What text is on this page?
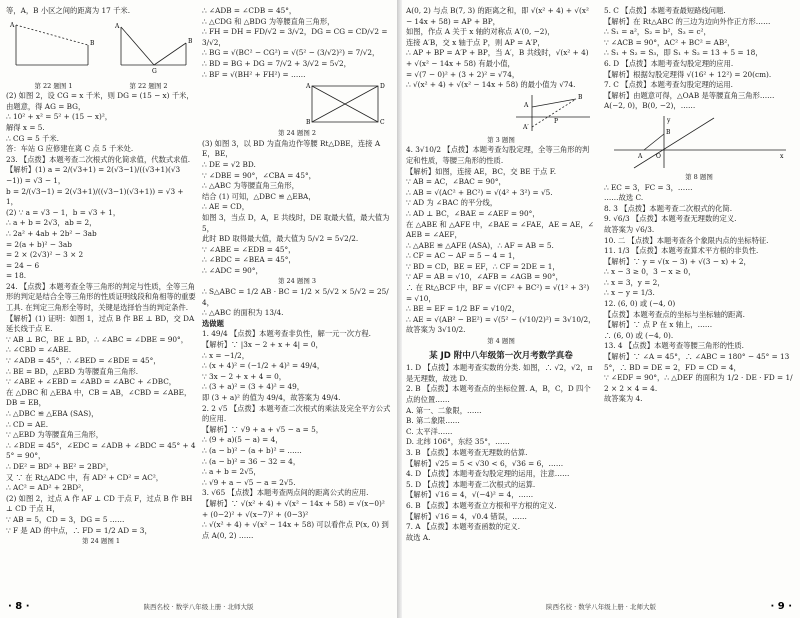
等，A，B 小区之间的距离为 17 千米.

A
B
A
B
G
第 22 题图 1	第 22 题图 2

(2) 如图 2，设 CG = x 千米，则 DG = (15 − x) 千米，

由题意，得 AG = BG，

∴ 10² + x² = 5² + (15 − x)²，

解得 x = 5.

∴ CG = 5 千米.

答：车站 G 应修建在离 C 点 5 千米处.

23. 【点拨】本题考查二次根式的化简求值，代数式求值.

【解析】(1) a = 2/(√3+1) = 2(√3−1)/((√3+1)(√3−1)) = √3 − 1，

b = 2/(√3−1) = 2(√3+1)/((√3−1)(√3+1)) = √3 + 1，

(2) ∵ a = √3 − 1，b = √3 + 1，

∴ a + b = 2√3，ab = 2，

∴ 2a² + 4ab + 2b² − 3ab

= 2(a + b)² − 3ab

= 2 × (2√3)² − 3 × 2

= 24 − 6

= 18.

24. 【点拨】本题考查全等三角形的判定与性质，全等三角形的判定是结合全等三角形的性质证明线段和角相等的重要工具. 在判定三角形全等时，关键是选择恰当的判定条件.

【解析】(1) 证明：如图 1，过点 B 作 BE ⊥ BD，交 DA 延长线于点 E.

∵ AB ⊥ BC，BE ⊥ BD，∴ ∠ABC = ∠DBE = 90°，

∴ ∠CBD = ∠ABE.

∵ ∠ADB = 45°，∴ ∠BED = ∠BDE = 45°，

∴ BE = BD，△EBD 为等腰直角三角形.

∵ ∠ABE + ∠EBD = ∠ABD = ∠ABC + ∠DBC，

在 △DBC 和 △EBA 中，CB = AB，∠CBD = ∠ABE，DB = EB，

∴ △DBC ≌ △EBA (SAS)，

∴ CD = AE.

∵ △EBD 为等腰直角三角形，

∴ ∠BDE = 45°，∠EDC = ∠ADB + ∠BDC = 45° + 45° = 90°，

∴ DE² = BD² + BE² = 2BD²，

又 ∵ 在 Rt△ADC 中，有 AD² + CD² = AC²，

∴ AC² = AD² + 2BD²，

(2) 如图 2，过点 A 作 AF ⊥ CD 于点 F，过点 B 作 BH ⊥ CD 于点 H，

∵ AB = 5，CD = 3，DG = 5 ……

∵ F 是 AD 的中点，∴ FD = 1/2 AD = 3，

第 24 题图 1

∴ ∠ADB = ∠CDB = 45°，

∴ △CDG 和 △BDG 为等腰直角三角形，

∴ FH = DH = FD/√2 = 3/√2，DG = CG = CD/√2 = 3/√2，

∴ BG = √(BC² − CG²) = √(5² − (3/√2)²) = 7/√2，

∴ BD = BG + DG = 7/√2 + 3/√2 = 5√2，

∴ BF = √(BH² + FH²) = ……

A	D
B	C

第 24 题图 2

(3) 如图 3，以 BD 为直角边作等腰 Rt△DBE，连接 AE，BE，

∴ DE = √2 BD.

∵ ∠DBE = 90°，∠CBA = 45°，

∴ △ABC 为等腰直角三角形，

结合 (1) 可知，△DBC ≌ △EBA，

∴ AE = CD，

如图 3，当点 D，A，E 共线时，DE 取最大值，最大值为 5，

此时 BD 取得最大值，最大值为 5/√2 = 5√2/2.

∵ ∠ABE = ∠EDB = 45°，

∴ ∠BDC = ∠BEA = 45°，

∴ ∠ADC = 90°，

第 24 题图 3

∴ S△ABC = 1/2 AB · BC = 1/2 × 5/√2 × 5/√2 = 25/4，

∴ △ABC 的面积为 13/4.

选做题

1. 49/4 【点拨】本题考查非负性，解一元一次方程.

【解析】∵ |3x − 2 + x + 4| = 0，

∴ x = −1/2，

∴ (x + 4)² = (−1/2 + 4)² = 49/4，

∵ 3x − 2 + x + 4 = 0，

∴ (3 + a)² = (3 + 4)² = 49，

即 (3 + a)² 的值为 49/4，故答案为 49/4.

2. 2 √5 【点拨】本题考查二次根式的乘法及完全平方公式的应用.

【解析】∵ √9 + a + √5 − a = 5，

∴ (9 + a)(5 − a) = 4，

∴ (a − b)² − (a + b)² = ……

∴ (a − b)² = 36 − 32 = 4，

∴ a + b = 2√5，

∴ √9 + a − √5 − a = 2√5.

3. √65 【点拨】本题考查两点间的距离公式的应用.

【解析】∵ √(x² + 4) + √(x² − 14x + 58) = √(x−0)² + (0−2)² + √(x−7)² + (0−3)²

∴ √(x² + 4) + √(x² − 14x + 58) 可以看作点 P(x, 0) 到点 A(0, 2) ……

· 8 ·	陕西名校 · 数学八年级上册 · 北师大版

A(0, 2) 与点 B(7, 3) 的距离之和，即 √(x² + 4) + √(x² − 14x + 58) = AP + BP，

如图，作点 A 关于 x 轴的对称点 A′(0, −2)，

连接 A′B，交 x 轴于点 P，则 AP = A′P，

∴ AP + BP = A′P + BP，当 A′，B 共线时，√(x² + 4) + √(x² − 14x + 58) 有最小值，

= √(7 − 0)² + (3 + 2)² = √74，

∴ √(x² + 4) + √(x² − 14x + 58) 的最小值为 √74.

A
B
A′
P

第 3 题图

4. 3√10/2 【点拨】本题考查勾股定理，全等三角形的判定和性质，等腰三角形的性质.

【解析】如图，连接 AE，BC，交 BE 于点 F.

∵ AB = AC，∠BAC = 90°，

∴ AB = √(AC² + BC²) = √(4² + 3²) = √5.

∵ AD 为 ∠BAC 的平分线，

∴ AD ⊥ BC，∠BAE = ∠AEF = 90°，

在 △ABE 和 △AFE 中，∠BAE = ∠FAE，AE = AE，∠AEB = ∠AEF，

∴ △ABE ≌ △AFE (ASA)，∴ AF = AB = 5.

∴ CF = AC − AF = 5 − 4 = 1，

∵ BD = CD，BE = EF，∴ CF = 2DE = 1，

∵ AF = AB = √10，∠AFB = ∠AGB = 90°，

∴ 在 Rt△BCF 中，BF = √(CF² + BC²) = √(1² + 3²) = √10，

∴ BE = EF = 1/2 BF = √10/2，

∴ AE = √(AB² − BE²) = √(5² − (√10/2)²) = 3√10/2，

故答案为 3√10/2.

第 4 题图

某 JD 附中八年级第一次月考数学真卷

1. D 【点拨】本题考查实数的分类. 如图，∴ √2，√2，π 是无理数，故选 D.

2. B 【点拨】本题考查点的坐标位置. A，B，C，D 四个点的位置……

A. 第一、二象限，……

B. 第二象限……

C. 太平洋……

D. 北纬 106°，东经 35°，……

3. B 【点拨】本题考查无理数的估算.

【解析】√25 = 5 < √30 < 6，√36 = 6，……

4. D 【点拨】本题考查勾股定理的运用，注意……

5. D 【点拨】本题考查二次根式的运算.

【解析】√16 = 4，√(−4)² = 4，……

6. B 【点拨】本题考查立方根和平方根的定义.

【解析】√16 = 4，√0.4 错误，……

7. A 【点拨】本题考查函数的定义.

故选 A.

5. C 【点拨】本题考查最短路线问题.

【解析】在 Rt△ABC 的三边为边向外作正方形……

∴ S₁ = a²，S₂ = b²，S₃ = c²，

∵ ∠ACB = 90°，AC² + BC² = AB²，

∴ S₁ + S₂ = S₃，即 S₁ + S₂ = 13 + 5 = 18，

6. D 【点拨】本题考查勾股定理的应用.

【解析】根据勾股定理得 √(16² + 12²) = 20(cm).

7. C 【点拨】本题考查勾股定理的运用.

【解析】由题意可得，△OAB 是等腰直角三角形……

A(−2, 0)，B(0, −2)，……

O
A
B
x
y

第 8 题图

∴ EC = 3，FC = 3，……

……故选 C.

8. 3 【点拨】本题考查二次根式的化简.

9. √6/3 【点拨】本题考查无理数的定义.

故答案为 √6/3.

10. 二 【点拨】本题考查各个象限内点的坐标特征.

11. 1/3 【点拨】本题考查算术平方根的非负性.

【解析】∵ y = √(x − 3) + √(3 − x) + 2，

∴ x − 3 ≥ 0，3 − x ≥ 0，

∴ x = 3，y = 2，

∴ x − y = 1/3.

12. (6, 0) 或 (−4, 0)

【点拨】本题考查点的坐标与坐标轴的距离.

【解析】∵ 点 P 在 x 轴上，……

∴ (6, 0) 或 (−4, 0).

13. 4 【点拨】本题考查等腰三角形的性质.

【解析】∵ ∠A = 45°，∴ ∠ABC = 180° − 45° = 135°，∴ BD = DE = 2，FD = CD = 4，

∵ ∠EDF = 90°，∴ △DEF 的面积为 1/2 · DE · FD = 1/2 × 2 × 4 = 4.

故答案为 4.

· 9 ·
陕西名校 · 数学八年级上册 · 北师大版
